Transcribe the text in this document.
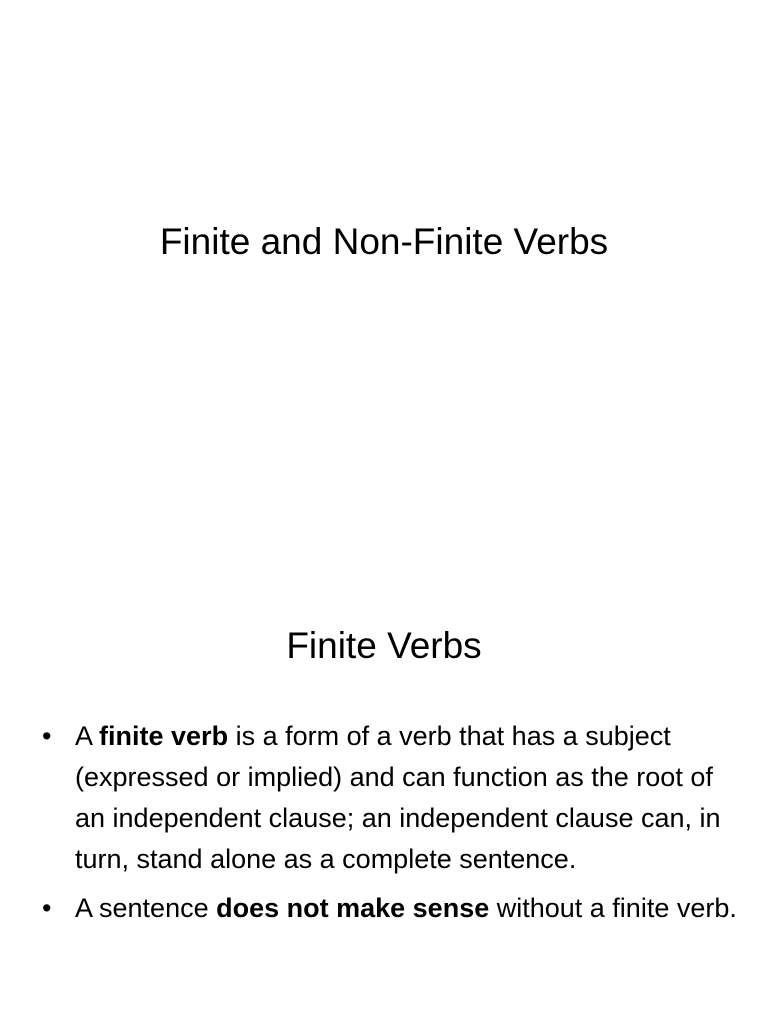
Finite and Non-Finite Verbs
Finite Verbs
• A finite verb is a form of a verb that has a subject (expressed or implied) and can function as the root of an independent clause; an independent clause can, in turn, stand alone as a complete sentence.
• A sentence does not make sense without a finite verb.
